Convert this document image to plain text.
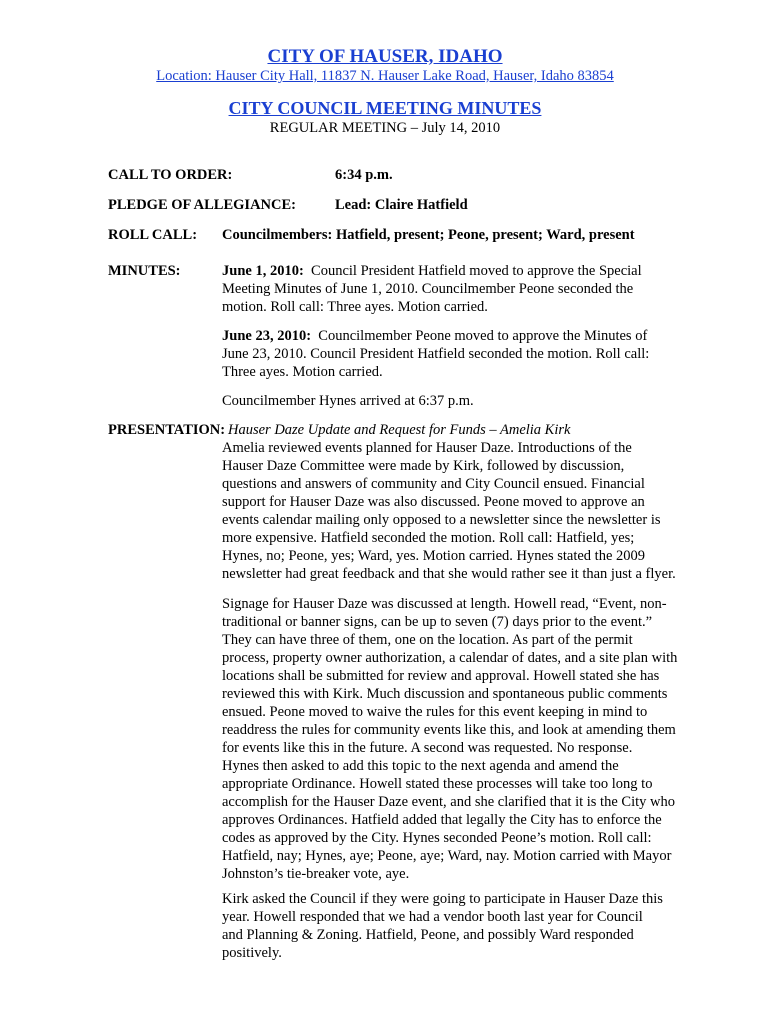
CITY OF HAUSER, IDAHO
Location: Hauser City Hall, 11837 N. Hauser Lake Road, Hauser, Idaho 83854
CITY COUNCIL MEETING MINUTES
REGULAR MEETING – July 14, 2010
CALL TO ORDER:	6:34 p.m.
PLEDGE OF ALLEGIANCE:	Lead: Claire Hatfield
ROLL CALL: Councilmembers: Hatfield, present; Peone, present; Ward, present
MINUTES:	June 1, 2010: Council President Hatfield moved to approve the Special
Meeting Minutes of June 1, 2010. Councilmember Peone seconded the
motion. Roll call: Three ayes. Motion carried.
June 23, 2010: Councilmember Peone moved to approve the Minutes of
June 23, 2010. Council President Hatfield seconded the motion. Roll call:
Three ayes. Motion carried.
Councilmember Hynes arrived at 6:37 p.m.
PRESENTATION: Hauser Daze Update and Request for Funds – Amelia Kirk
Amelia reviewed events planned for Hauser Daze. Introductions of the
Hauser Daze Committee were made by Kirk, followed by discussion,
questions and answers of community and City Council ensued. Financial
support for Hauser Daze was also discussed. Peone moved to approve an
events calendar mailing only opposed to a newsletter since the newsletter is
more expensive. Hatfield seconded the motion. Roll call: Hatfield, yes;
Hynes, no; Peone, yes; Ward, yes. Motion carried. Hynes stated the 2009
newsletter had great feedback and that she would rather see it than just a flyer.
Signage for Hauser Daze was discussed at length. Howell read, “Event, non-
traditional or banner signs, can be up to seven (7) days prior to the event.”
They can have three of them, one on the location. As part of the permit
process, property owner authorization, a calendar of dates, and a site plan with
locations shall be submitted for review and approval. Howell stated she has
reviewed this with Kirk. Much discussion and spontaneous public comments
ensued. Peone moved to waive the rules for this event keeping in mind to
readdress the rules for community events like this, and look at amending them
for events like this in the future. A second was requested. No response.
Hynes then asked to add this topic to the next agenda and amend the
appropriate Ordinance. Howell stated these processes will take too long to
accomplish for the Hauser Daze event, and she clarified that it is the City who
approves Ordinances. Hatfield added that legally the City has to enforce the
codes as approved by the City. Hynes seconded Peone’s motion. Roll call:
Hatfield, nay; Hynes, aye; Peone, aye; Ward, nay. Motion carried with Mayor
Johnston’s tie-breaker vote, aye.
Kirk asked the Council if they were going to participate in Hauser Daze this
year. Howell responded that we had a vendor booth last year for Council
and Planning & Zoning. Hatfield, Peone, and possibly Ward responded
positively.
